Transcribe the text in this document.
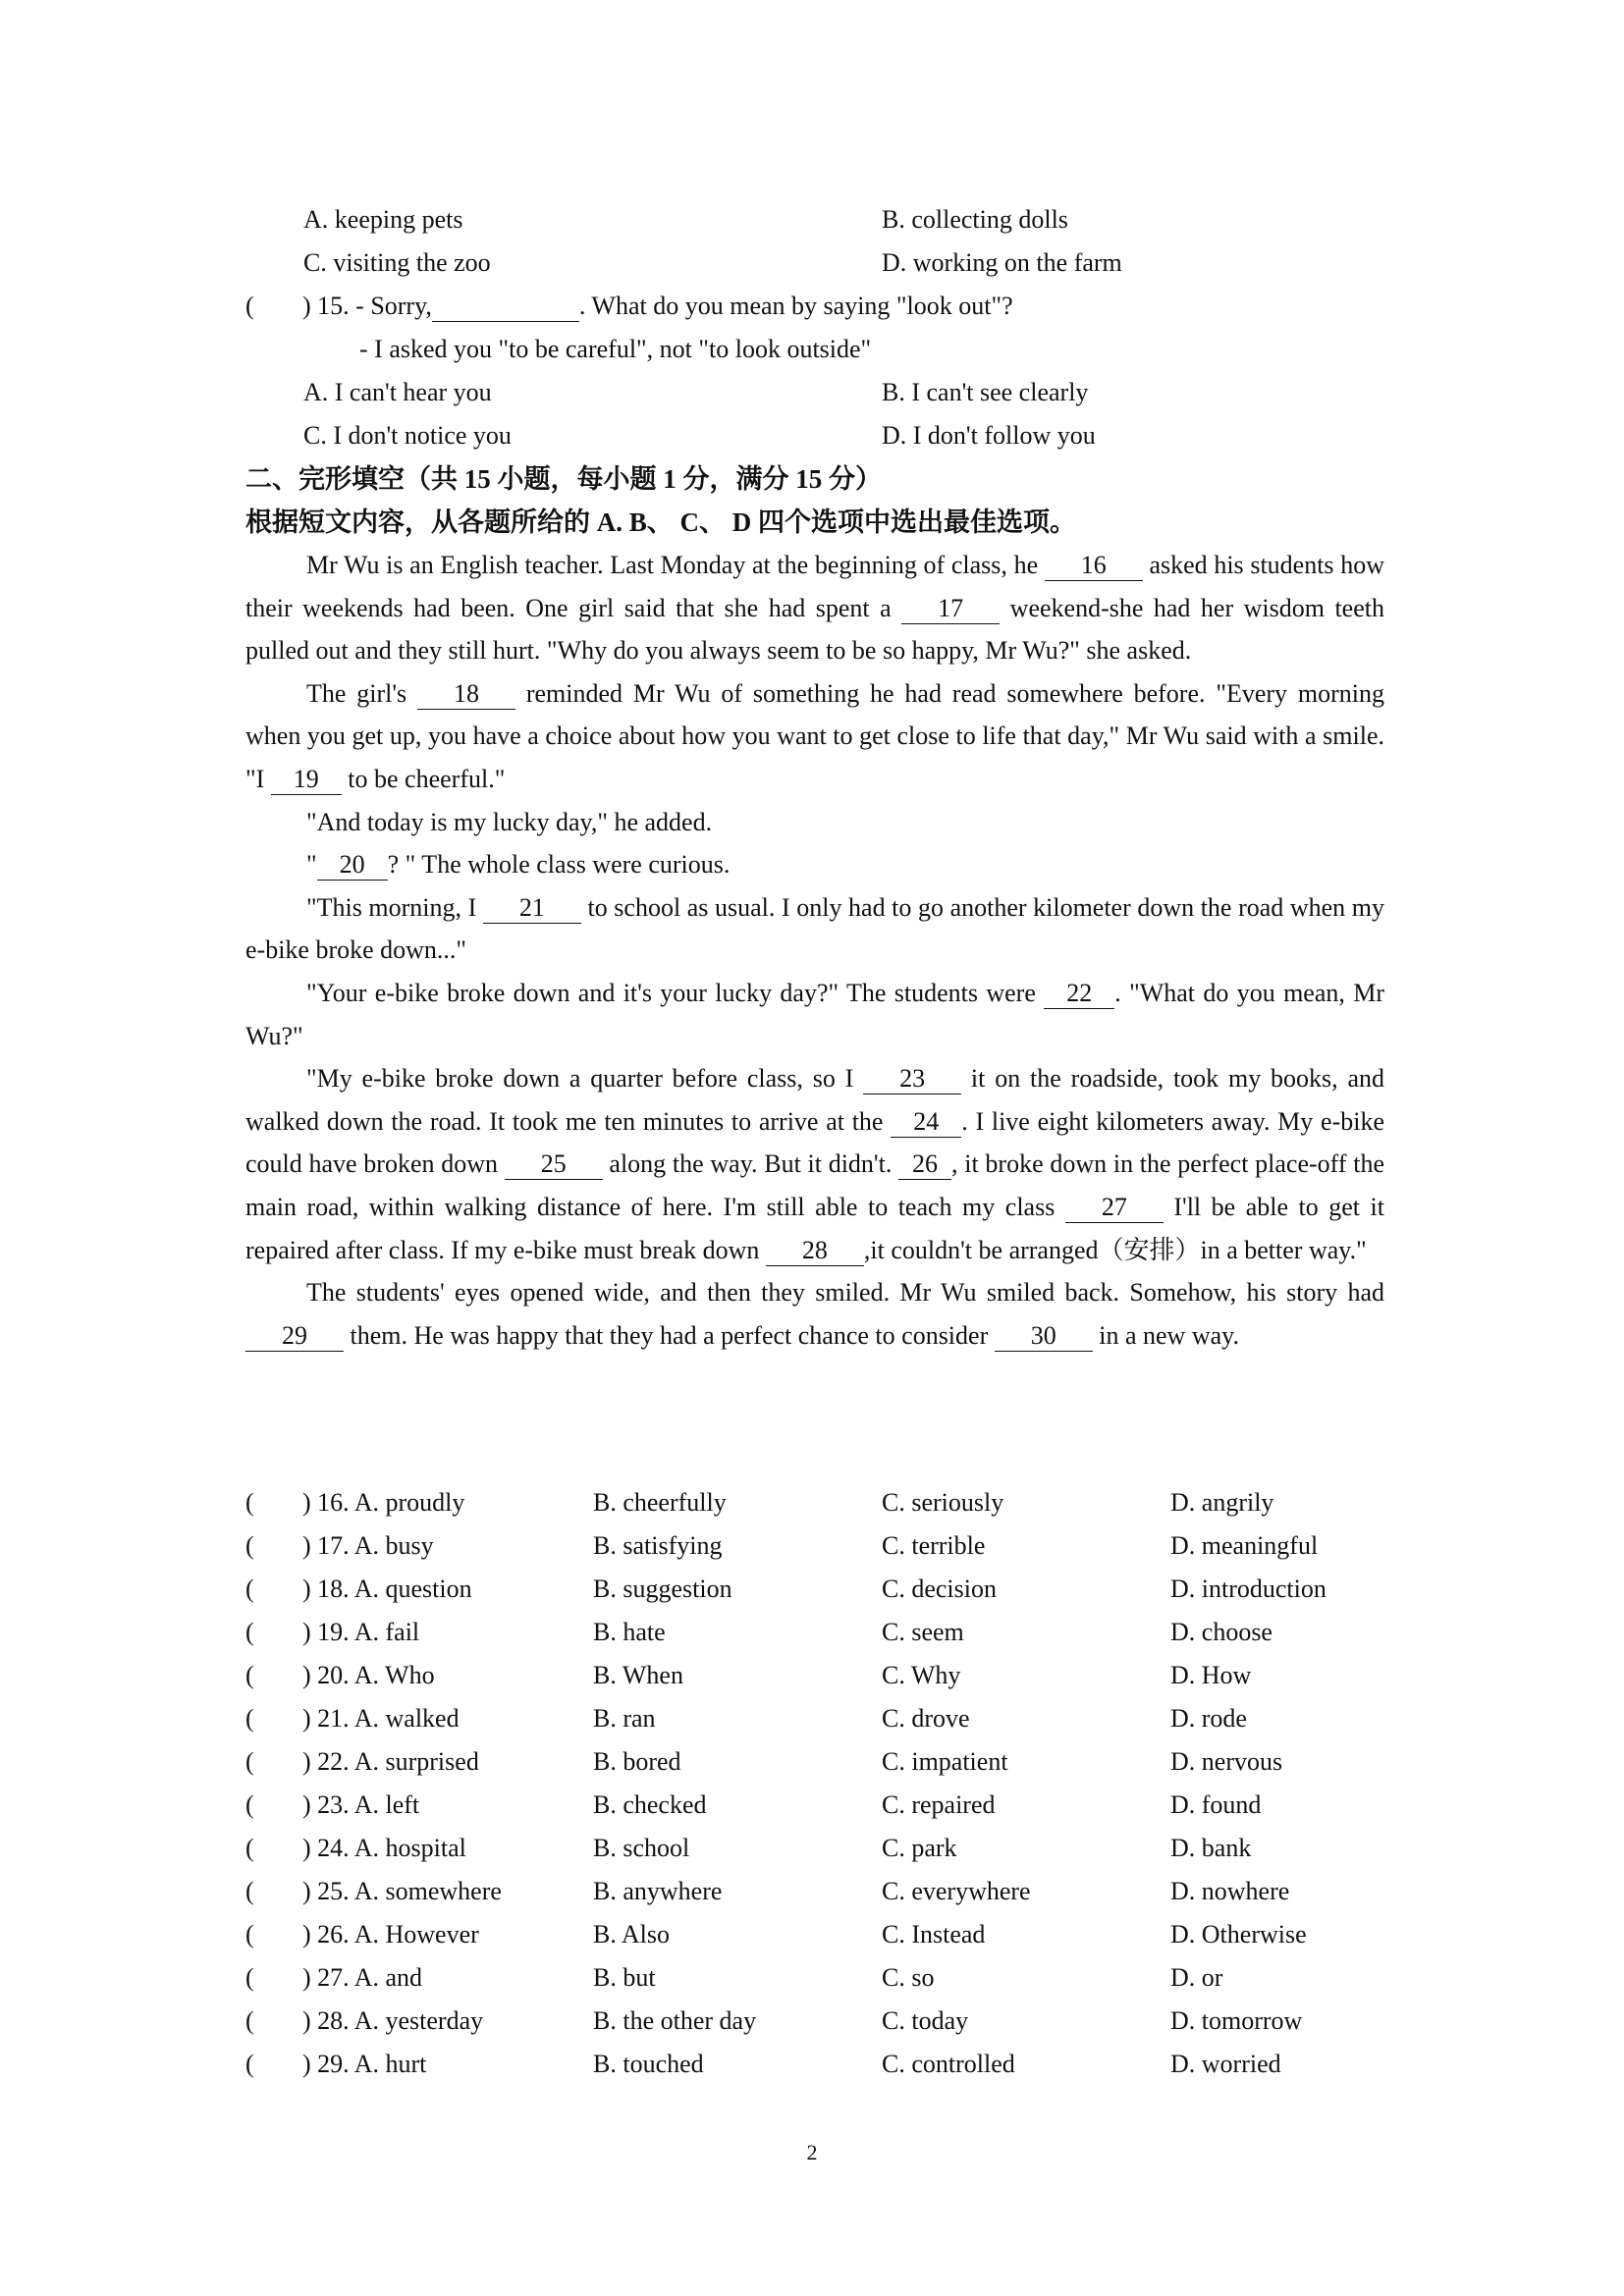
A. keeping pets	B. collecting dolls
C. visiting the zoo	D. working on the farm
( ) 15. - Sorry,	. What do you mean by saying "look out"?
- I asked you "to be careful", not "to look outside"
A. I can't hear you	B. I can't see clearly
C. I don't notice you	D. I don't follow you
二、完形填空（共 15 小题，每小题 1 分，满分 15 分）
根据短文内容，从各题所给的 A. B、 C、 D 四个选项中选出最佳选项。

Mr Wu is an English teacher. Last Monday at the beginning of class, he 16 asked his students how their weekends had been. One girl said that she had spent a 17 weekend-she had her wisdom teeth pulled out and they still hurt. "Why do you always seem to be so happy, Mr Wu?" she asked.

The girl's 18 reminded Mr Wu of something he had read somewhere before. "Every morning when you get up, you have a choice about how you want to get close to life that day," Mr Wu said with a smile. "I 19 to be cheerful."

"And today is my lucky day," he added.

" 20 ? " The whole class were curious.

"This morning, I 21 to school as usual. I only had to go another kilometer down the road when my e-bike broke down..."

"Your e-bike broke down and it's your lucky day?" The students were 22 . "What do you mean, Mr Wu?"

"My e-bike broke down a quarter before class, so I 23 it on the roadside, took my books, and walked down the road. It took me ten minutes to arrive at the 24 . I live eight kilometers away. My e-bike could have broken down 25 along the way. But it didn't. 26 , it broke down in the perfect place-off the main road, within walking distance of here. I'm still able to teach my class 27 I'll be able to get it repaired after class. If my e-bike must break down 28 ,it couldn't be arranged（安排）in a better way."

The students' eyes opened wide, and then they smiled. Mr Wu smiled back. Somehow, his story had 29 them. He was happy that they had a perfect chance to consider 30 in a new way.

( ) 16. A. proudly	B. cheerfully	C. seriously	D. angrily
( ) 17. A. busy	B. satisfying	C. terrible	D. meaningful
( ) 18. A. question	B. suggestion	C. decision	D. introduction
( ) 19. A. fail	B. hate	C. seem	D. choose
( ) 20. A. Who	B. When	C. Why	D. How
( ) 21. A. walked	B. ran	C. drove	D. rode
( ) 22. A. surprised	B. bored	C. impatient	D. nervous
( ) 23. A. left	B. checked	C. repaired	D. found
( ) 24. A. hospital	B. school	C. park	D. bank
( ) 25. A. somewhere	B. anywhere	C. everywhere	D. nowhere
( ) 26. A. However	B. Also	C. Instead	D. Otherwise
( ) 27. A. and	B. but	C. so	D. or
( ) 28. A. yesterday	B. the other day	C. today	D. tomorrow
( ) 29. A. hurt	B. touched	C. controlled	D. worried
2
